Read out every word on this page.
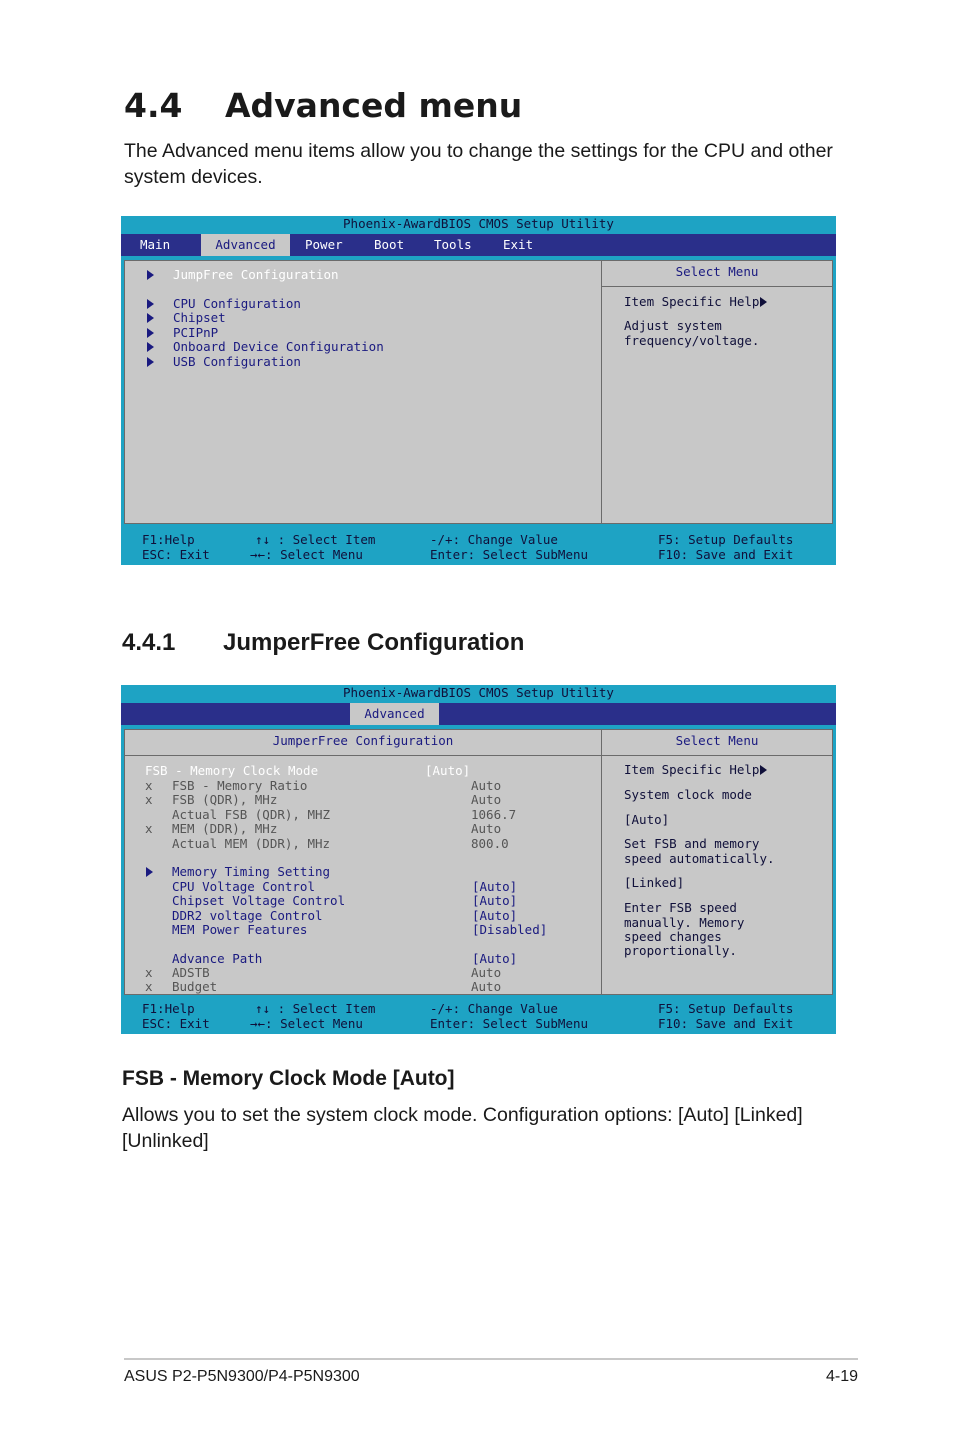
4.4 Advanced menu

The Advanced menu items allow you to change the settings for the CPU and other system devices.

Phoenix-AwardBIOS CMOS Setup Utility
Main	Advanced	Power	Boot Tools	Exit
JumpFree Configuration
CPU Configuration
Chipset
PCIPnP
Onboard Device Configuration
USB Configuration
Select Menu
Item Specific Help
Adjust system
frequency/voltage.
F1:Help	↑↓ : Select Item	-/+: Change Value	F5: Setup Defaults
ESC: Exit	→←: Select Menu	Enter: Select SubMenu	F10: Save and Exit
4.4.1 JumperFree Configuration
Phoenix-AwardBIOS CMOS Setup Utility
Advanced
JumperFree Configuration
FSB - Memory Clock Mode	[Auto]
x FSB - Memory Ratio	Auto
x FSB (QDR), MHz	Auto
Actual FSB (QDR), MHZ	1066.7
x MEM (DDR), MHz	Auto
Actual MEM (DDR), MHz	800.0
Memory Timing Setting
CPU Voltage Control	[Auto]
Chipset Voltage Control	[Auto]
DDR2 voltage Control	[Auto]
MEM Power Features	[Disabled]
Advance Path	[Auto]
x ADSTB	Auto
x Budget	Auto
Select Menu
Item Specific Help
System clock mode
[Auto]
Set FSB and memory
speed automatically.
[Linked]
Enter FSB speed
manually. Memory
speed changes
proportionally.
F1:Help	↑↓ : Select Item	-/+: Change Value	F5: Setup Defaults
ESC: Exit	→←: Select Menu	Enter: Select SubMenu	F10: Save and Exit
FSB - Memory Clock Mode [Auto]

Allows you to set the system clock mode. Configuration options: [Auto] [Linked] [Unlinked]

ASUS P2-P5N9300/P4-P5N9300	4-19
